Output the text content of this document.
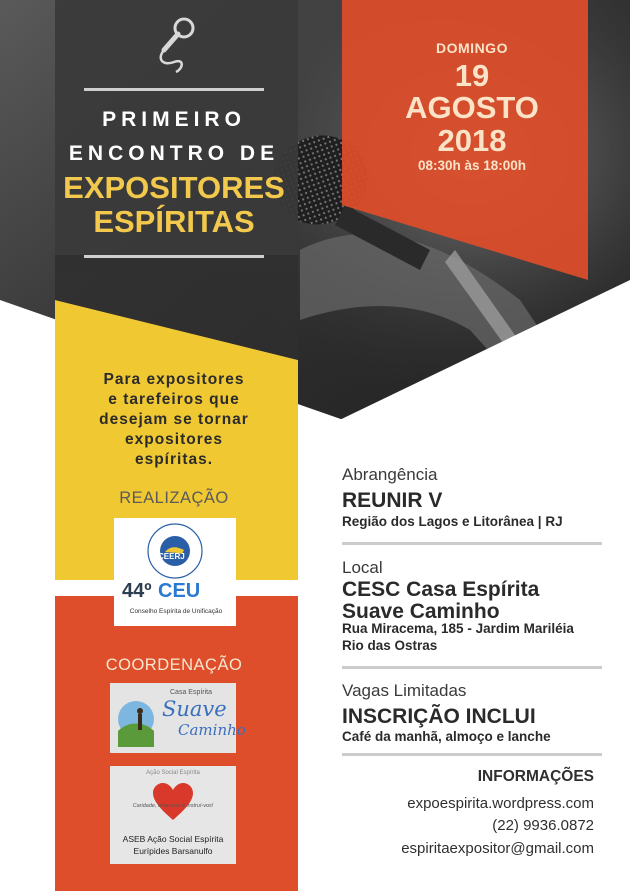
PRIMEIRO
ENCONTRO DE
EXPOSITORES
ESPÍRITAS
DOMINGO
19
AGOSTO
2018
08:30h às 18:00h
Para expositores
e tarefeiros que
desejam se tornar
expositores
espíritas.
REALIZAÇÃO
CEERJ
44º CEU
Conselho Espírita de Unificação
COORDENAÇÃO
Casa Espírita
Suave
Caminho
Ação Social Espírita
Caridade, amai-vos e instruí-vos!
ASEB Ação Social Espírita
Eurípides Barsanulfo
Abrangência
REUNIR V
Região dos Lagos e Litorânea | RJ
Local
CESC Casa Espírita
Suave Caminho
Rua Miracema, 185 - Jardim Mariléia
Rio das Ostras
Vagas Limitadas
INSCRIÇÃO INCLUI
Café da manhã, almoço e lanche
INFORMAÇÕES
expoespirita.wordpress.com
(22) 9936.0872
espiritaexpositor@gmail.com
